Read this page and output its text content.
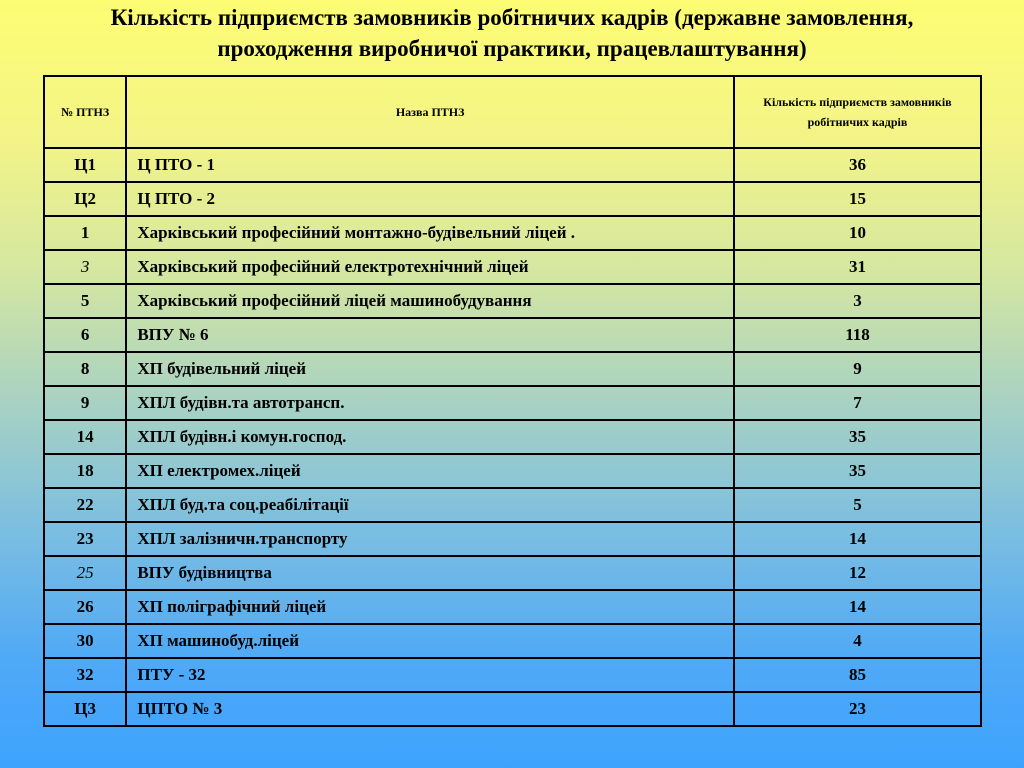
Кількість підприємств замовників робітничих кадрів (державне замовлення,
проходження виробничої практики, працевлаштування)
№ ПТНЗ	Назва ПТНЗ	Кількість підприємств замовників робітничих кадрів

Ц1	Ц ПТО - 1	36
Ц2	Ц ПТО - 2	15
1	Харківський професійний монтажно-будівельний ліцей .	10
3	Харківський професійний електротехнічний ліцей	31
5	Харківський професійний ліцей машинобудування	3
6	ВПУ № 6	118
8	ХП будівельний ліцей	9
9	ХПЛ будівн.та автотрансп.	7
14	ХПЛ будівн.і комун.господ.	35
18	ХП електромех.ліцей	35
22	ХПЛ буд.та соц.реабілітації	5
23	ХПЛ залізничн.транспорту	14
25	ВПУ будівництва	12
26	ХП поліграфічний ліцей	14
30	ХП машинобуд.ліцей	4
32	ПТУ - 32	85
Ц3	ЦПТО № 3	23
